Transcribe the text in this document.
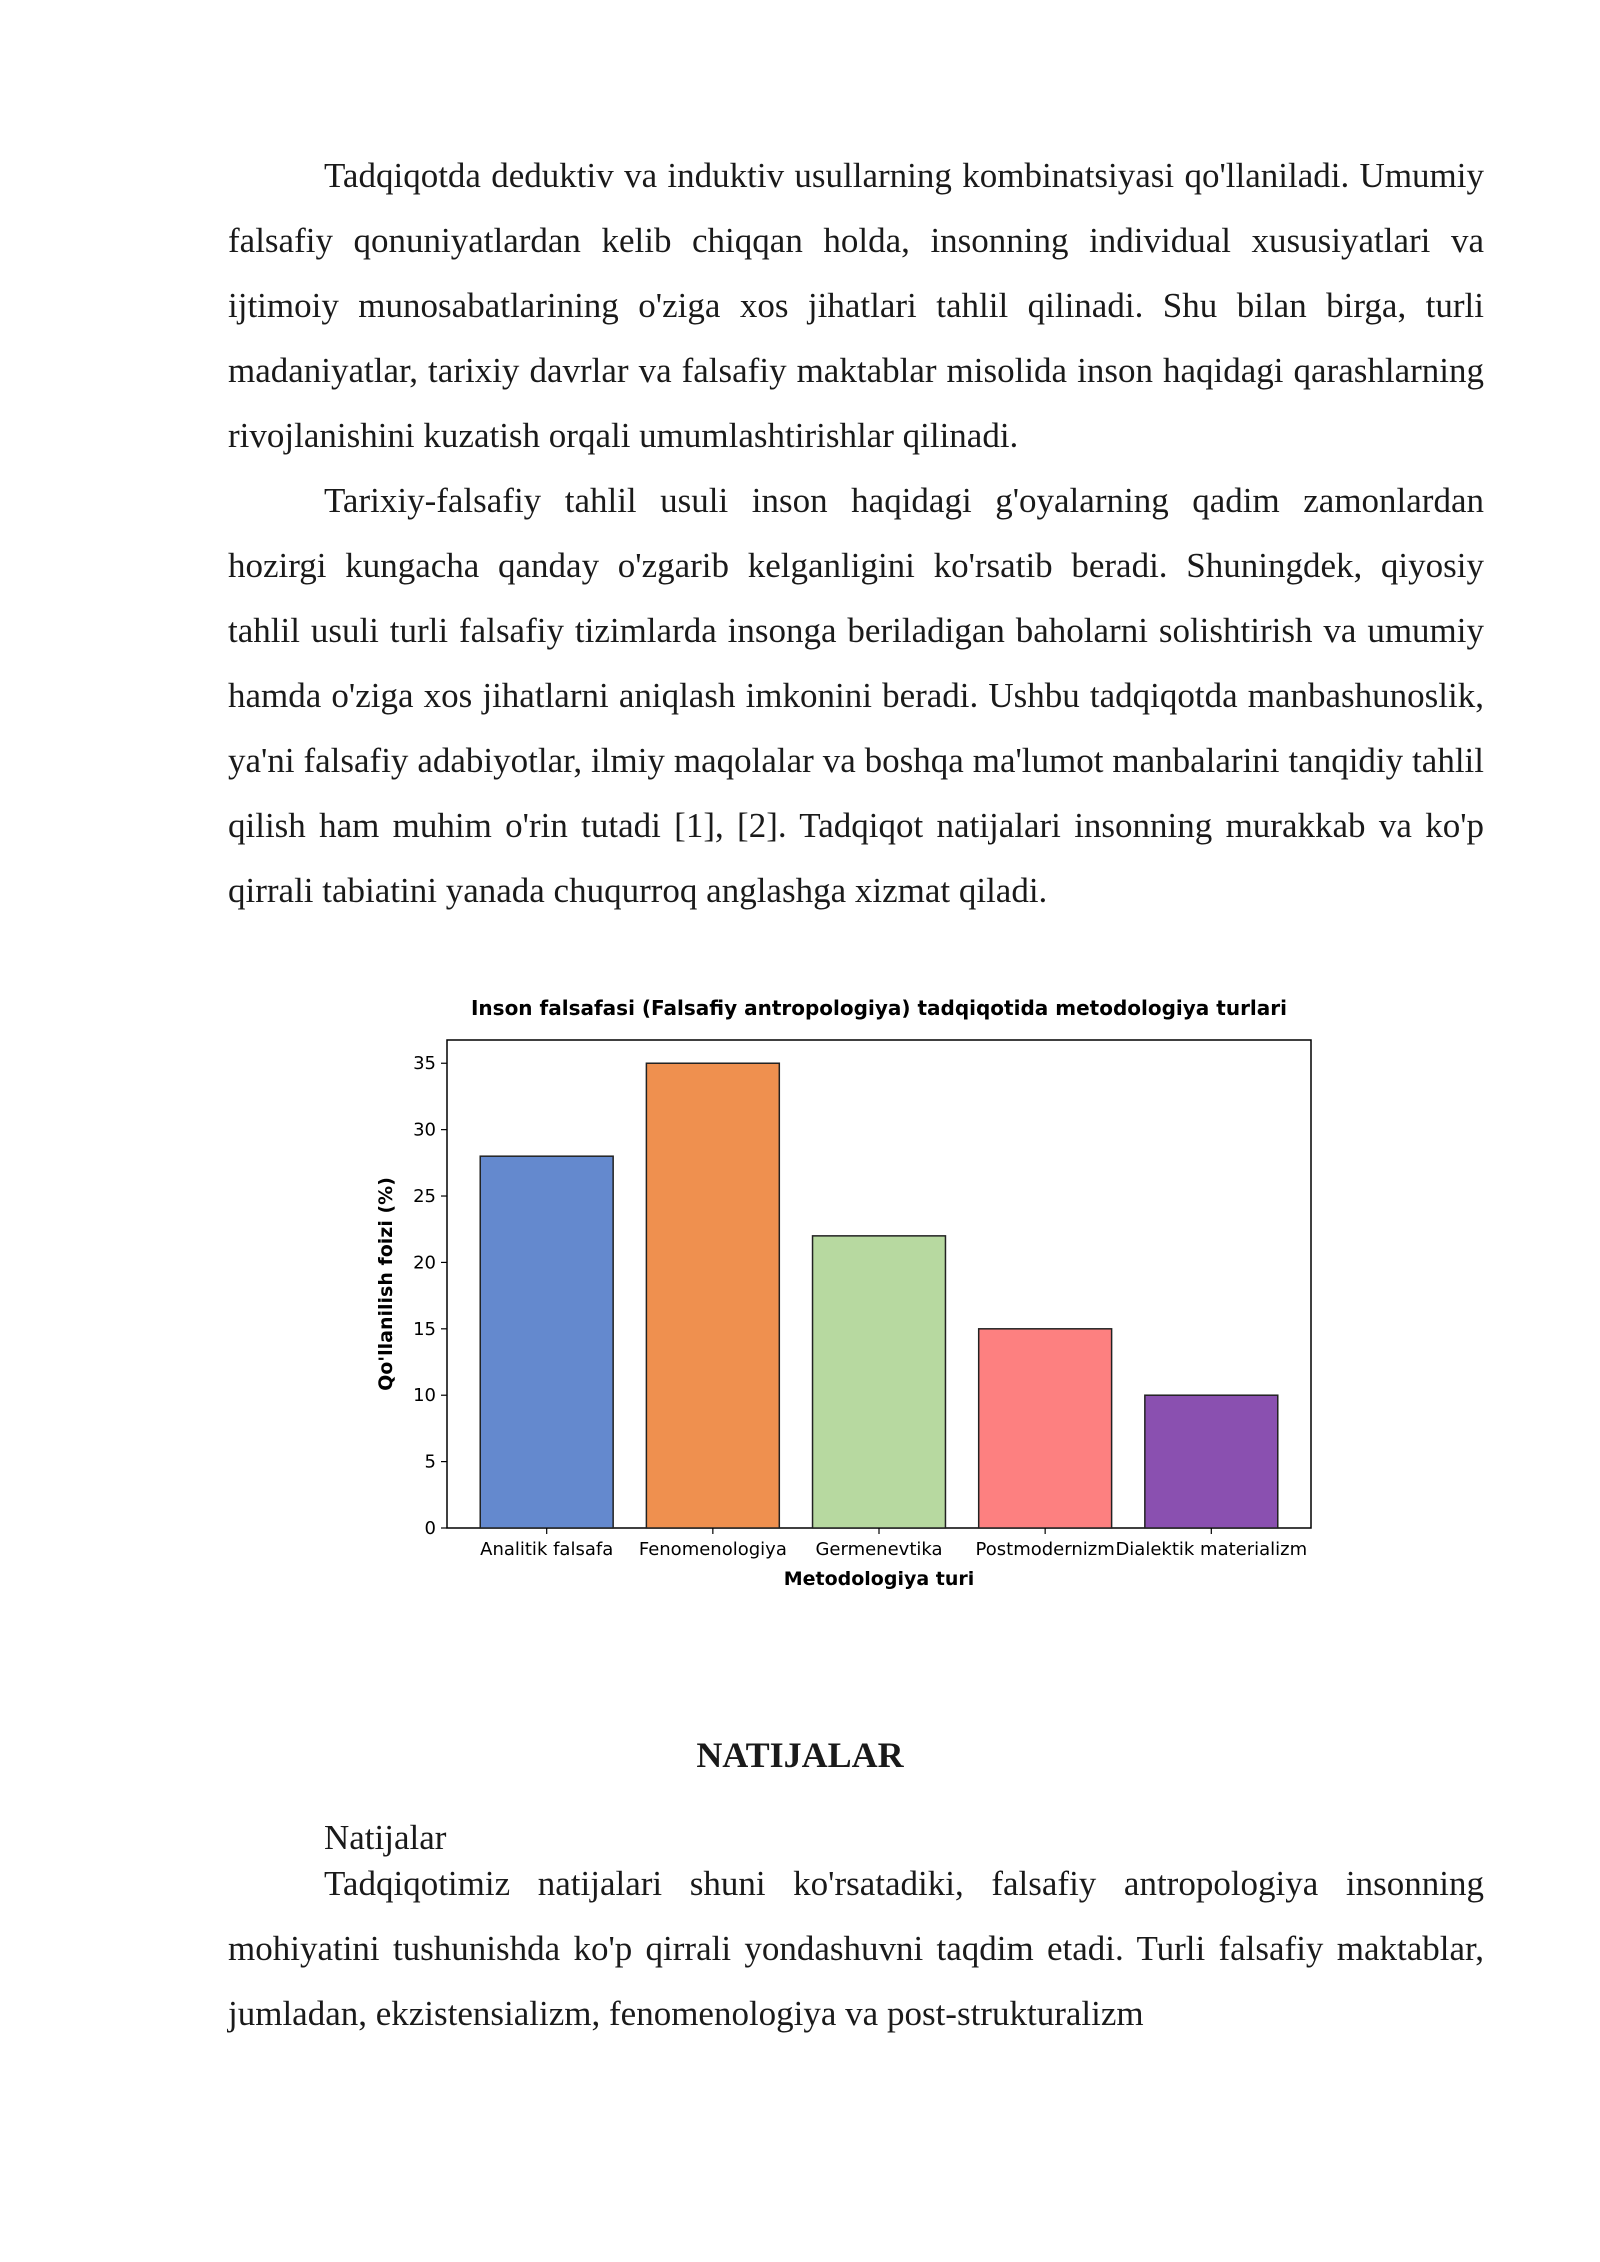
Tadqiqotda deduktiv va induktiv usullarning kombinatsiyasi qo'llaniladi. Umumiy falsafiy qonuniyatlardan kelib chiqqan holda, insonning individual xususiyatlari va ijtimoiy munosabatlarining o'ziga xos jihatlari tahlil qilinadi. Shu bilan birga, turli madaniyatlar, tarixiy davrlar va falsafiy maktablar misolida inson haqidagi qarashlarning rivojlanishini kuzatish orqali umumlashtirishlar qilinadi.

Tarixiy-falsafiy tahlil usuli inson haqidagi g'oyalarning qadim zamonlardan hozirgi kungacha qanday o'zgarib kelganligini ko'rsatib beradi. Shuningdek, qiyosiy tahlil usuli turli falsafiy tizimlarda insonga beriladigan baholarni solishtirish va umumiy hamda o'ziga xos jihatlarni aniqlash imkonini beradi. Ushbu tadqiqotda manbashunoslik, ya'ni falsafiy adabiyotlar, ilmiy maqolalar va boshqa ma'lumot manbalarini tanqidiy tahlil qilish ham muhim o'rin tutadi [1], [2]. Tadqiqot natijalari insonning murakkab va ko'p qirrali tabiatini yanada chuqurroq anglashga xizmat qiladi.

Inson falsafasi (Falsafiy antropologiya) tadqiqotida metodologiya turlari
0
5
10
15
20
25
30
35
Analitik falsafa Fenomenologiya Germenevtika Postmodernizm Dialektik materializm
Metodologiya turi
Qo'llanilish foizi (%)
NATIJALAR

Natijalar

Tadqiqotimiz natijalari shuni ko'rsatadiki, falsafiy antropologiya insonning mohiyatini tushunishda ko'p qirrali yondashuvni taqdim etadi. Turli falsafiy maktablar, jumladan, ekzistensializm, fenomenologiya va post-strukturalizm
